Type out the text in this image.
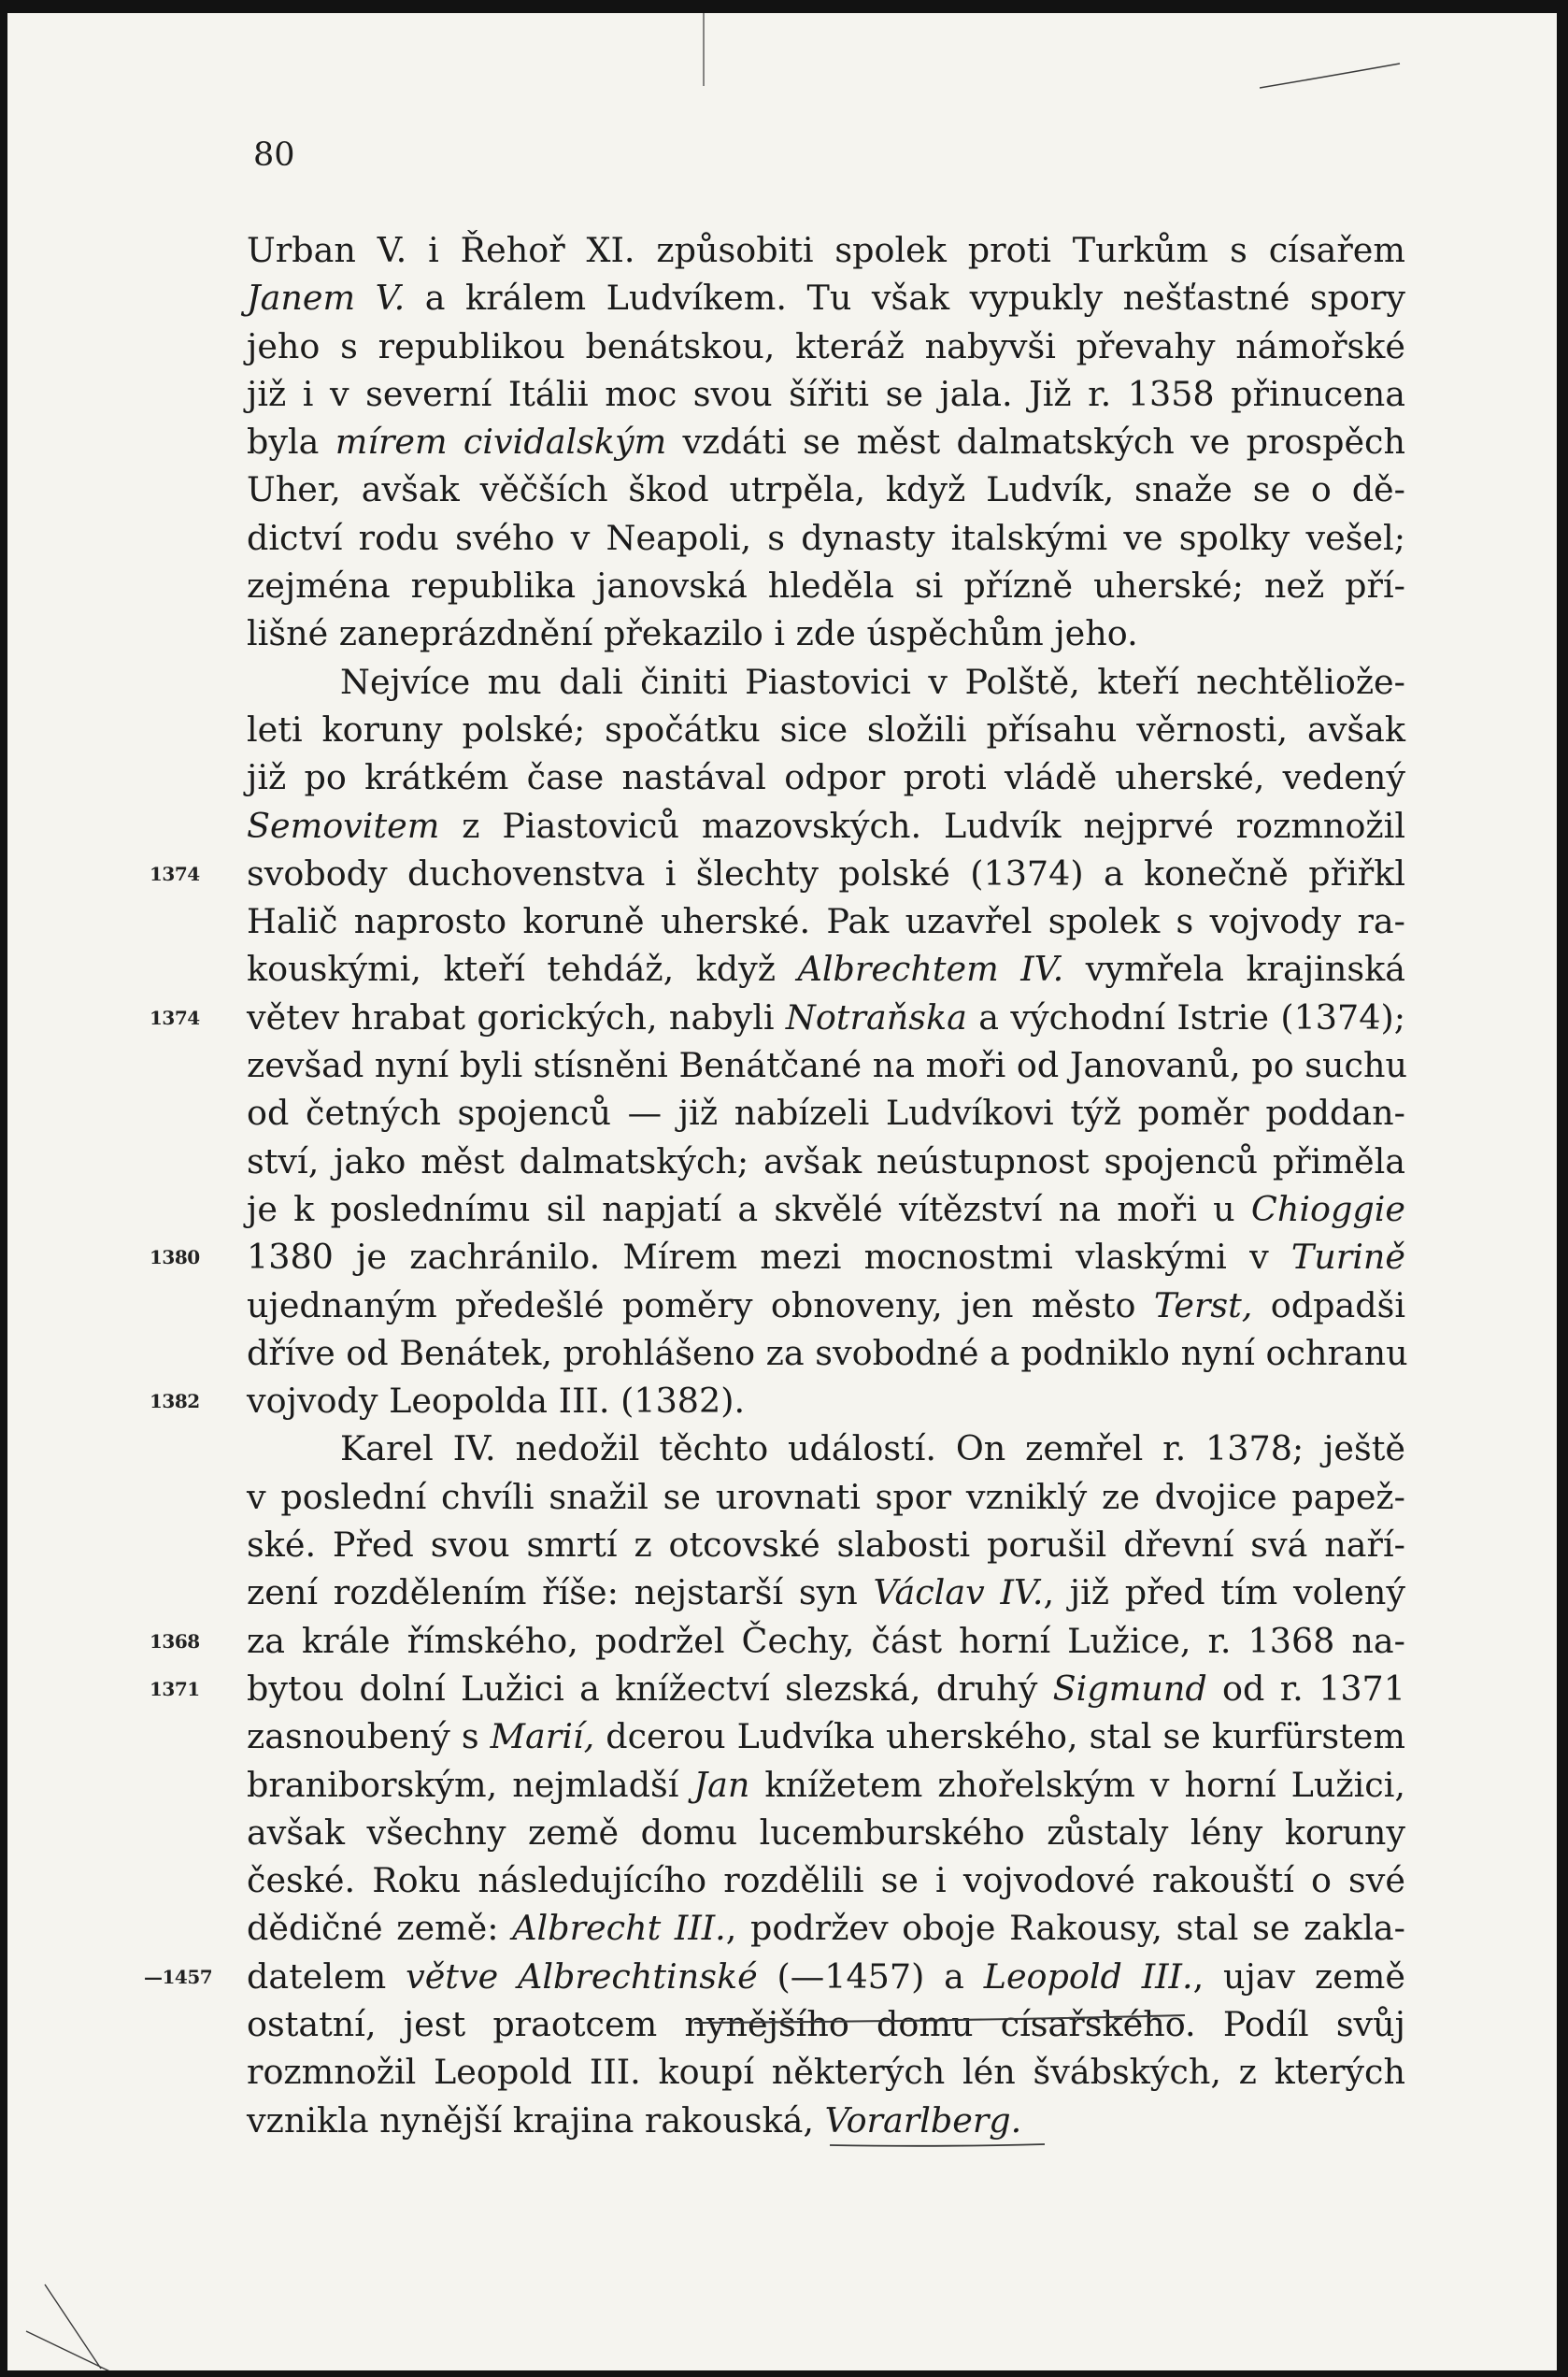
80
Urban V. i Řehoř XI. způsobiti spolek proti Turkům s císařem
Janem V. a králem Ludvíkem. Tu však vypukly nešťastné spory
jeho s republikou benátskou, kteráž nabyvši převahy námořské
již i v severní Itálii moc svou šířiti se jala. Již r. 1358 přinucena
byla mírem cividalským vzdáti se měst dalmatských ve prospěch
Uher, avšak věčších škod utrpěla, když Ludvík, snaže se o dě-
dictví rodu svého v Neapoli, s dynasty italskými ve spolky vešel;
zejména republika janovská hleděla si přízně uherské; než pří-
lišné zaneprázdnění překazilo i zde úspěchům jeho.
Nejvíce mu dali činiti Piastovici v Polště, kteří nechtěliože-
leti koruny polské; spočátku sice složili přísahu věrnosti, avšak
již po krátkém čase nastával odpor proti vládě uherské, vedený
Semovitem z Piastoviců mazovských. Ludvík nejprvé rozmnožil
1374	svobody duchovenstva i šlechty polské (1374) a konečně přiřkl
Halič naprosto koruně uherské. Pak uzavřel spolek s vojvody ra-
kouskými, kteří tehdáž, když Albrechtem IV. vymřela krajinská
1374	větev hrabat gorických, nabyli Notraňska a východní Istrie (1374);
zevšad nyní byli stísněni Benátčané na moři od Janovanů, po suchu
od četných spojenců — již nabízeli Ludvíkovi týž poměr poddan-
ství, jako měst dalmatských; avšak neústupnost spojenců přiměla
je k poslednímu sil napjatí a skvělé vítězství na moři u Chioggie
1380	1380 je zachránilo. Mírem mezi mocnostmi vlaskými v Turině
ujednaným předešlé poměry obnoveny, jen město Terst, odpadši
dříve od Benátek, prohlášeno za svobodné a podniklo nyní ochranu
1382	vojvody Leopolda III. (1382).
Karel IV. nedožil těchto událostí. On zemřel r. 1378; ještě
v poslední chvíli snažil se urovnati spor vzniklý ze dvojice papež-
ské. Před svou smrtí z otcovské slabosti porušil dřevní svá naří-
zení rozdělením říše: nejstarší syn Václav IV., již před tím volený
1368	za krále římského, podržel Čechy, část horní Lužice, r. 1368 na-
1371	bytou dolní Lužici a knížectví slezská, druhý Sigmund od r. 1371
zasnoubený s Marií, dcerou Ludvíka uherského, stal se kurfürstem
braniborským, nejmladší Jan knížetem zhořelským v horní Lužici,
avšak všechny země domu lucemburského zůstaly lény koruny
české. Roku následujícího rozdělili se i vojvodové rakouští o své
dědičné země: Albrecht III., podržev oboje Rakousy, stal se zakla-
—1457	datelem větve Albrechtinské (—1457) a Leopold III., ujav země
ostatní, jest praotcem nynějšího domu císařského. Podíl svůj
rozmnožil Leopold III. koupí některých lén švábských, z kterých
vznikla nynější krajina rakouská, Vorarlberg.
